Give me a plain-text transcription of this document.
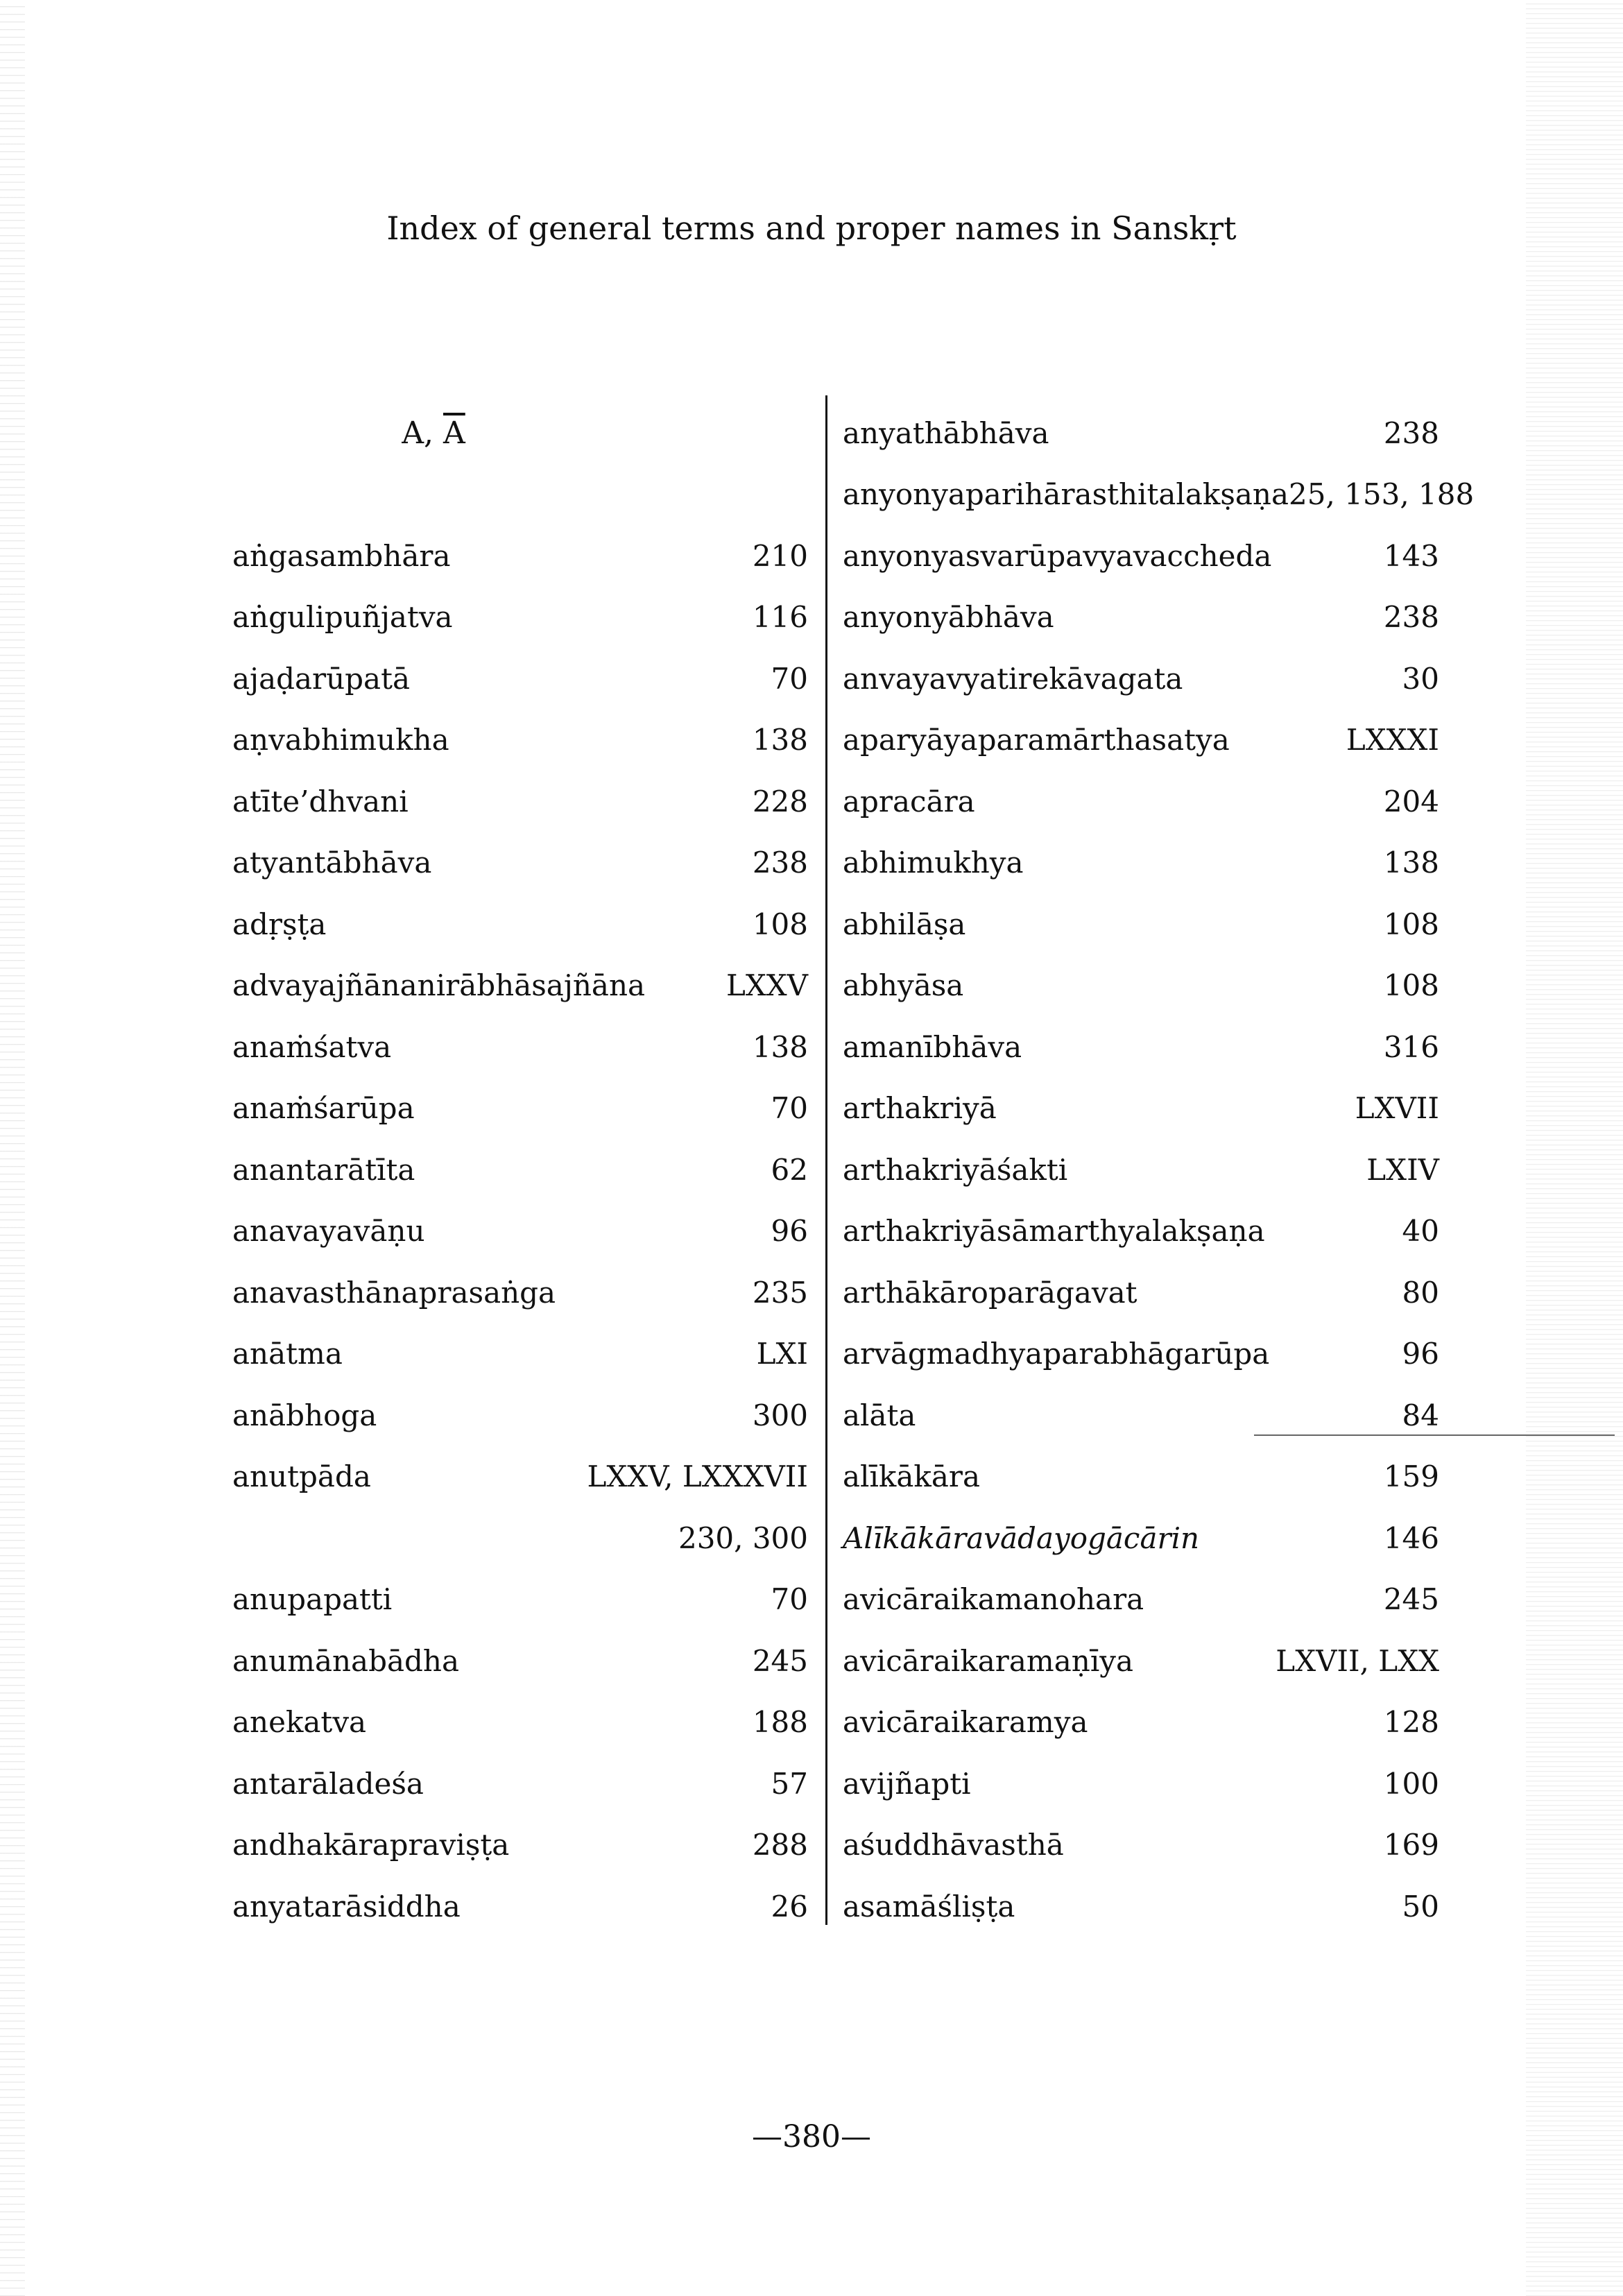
Index of general terms and proper names in Sanskṛt
A, $\overline{A}$
aṅgasambhāra	210
aṅgulipuñjatva	116
ajaḍarūpatā	70
aṇvabhimukha	138
atīte’dhvani	228
atyantābhāva	238
adṛṣṭa	108
advayajñānanirābhāsajñāna	LXXV
anaṁśatva	138
anaṁśarūpa	70
anantarātīta	62
anavayavāṇu	96
anavasthānaprasaṅga	235
anātma	LXI
anābhoga	300
anutpāda	LXXV, LXXXVII
230, 300
anupapatti	70
anumānabādha	245
anekatva	188
antarāladeśa	57
andhakārapraviṣṭa	288
anyatarāsiddha	26
anyathābhāva	238
anyonyaparihārasthitalakṣaṇa 25, 153, 188
anyonyasvarūpavyavaccheda	143
anyonyābhāva	238
anvayavyatirekāvagata	30
aparyāyaparamārthasatya	LXXXI
apracāra	204
abhimukhya	138
abhilāṣa	108
abhyāsa	108
amanībhāva	316
arthakriyā	LXVII
arthakriyāśakti	LXIV
arthakriyāsāmarthyalakṣaṇa	40
arthākāroparāgavat	80
arvāgmadhyaparabhāgarūpa	96
alāta	84
alīkākāra	159
Alīkākāravādayogācārin	146
avicāraikamanohara	245
avicāraikaramaṇīya	LXVII, LXX
avicāraikaramya	128
avijñapti	100
aśuddhāvasthā	169
asamāśliṣṭa	50
—380—
